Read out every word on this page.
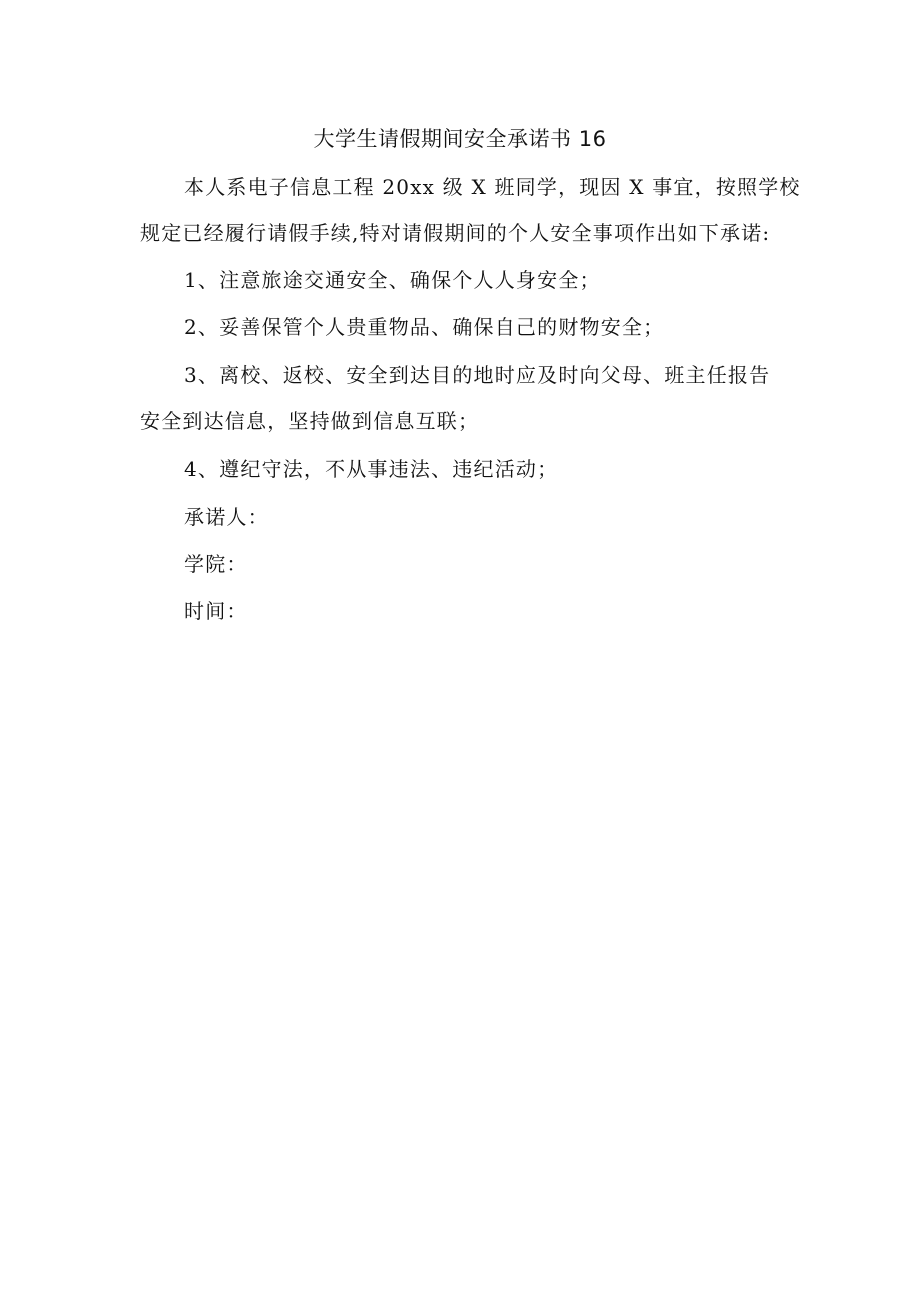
大学生请假期间安全承诺书 16
本人系电子信息工程 20xx 级 X 班同学，现因 X 事宜，按照学校
规定已经履行请假手续,特对请假期间的个人安全事项作出如下承诺:
1、注意旅途交通安全、确保个人人身安全；
2、妥善保管个人贵重物品、确保自己的财物安全；
3、离校、返校、安全到达目的地时应及时向父母、班主任报告
安全到达信息，坚持做到信息互联；
4、遵纪守法，不从事违法、违纪活动；
承诺人：
学院：
时间：
